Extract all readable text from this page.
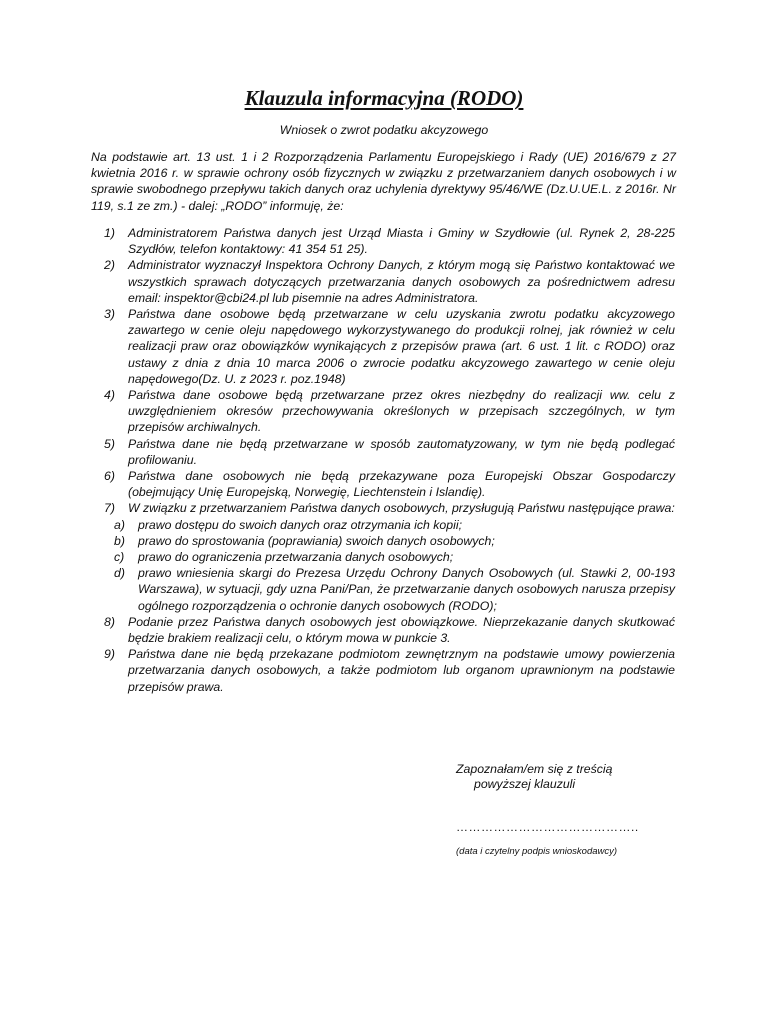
Klauzula informacyjna (RODO)
Wniosek o zwrot podatku akcyzowego

Na podstawie art. 13 ust. 1 i 2 Rozporządzenia Parlamentu Europejskiego i Rady (UE) 2016/679 z 27 kwietnia 2016 r. w sprawie ochrony osób fizycznych w związku z przetwarzaniem danych osobowych i w sprawie swobodnego przepływu takich danych oraz uchylenia dyrektywy 95/46/WE (Dz.U.UE.L. z 2016r. Nr 119, s.1 ze zm.) - dalej: „RODO” informuję, że:

1) Administratorem Państwa danych jest Urząd Miasta i Gminy w Szydłowie (ul. Rynek 2, 28-225 Szydłów, telefon kontaktowy: 41 354 51 25).
2) Administrator wyznaczył Inspektora Ochrony Danych, z którym mogą się Państwo kontaktować we wszystkich sprawach dotyczących przetwarzania danych osobowych za pośrednictwem adresu email: inspektor@cbi24.pl lub pisemnie na adres Administratora.
3) Państwa dane osobowe będą przetwarzane w celu uzyskania zwrotu podatku akcyzowego zawartego w cenie oleju napędowego wykorzystywanego do produkcji rolnej, jak również w celu realizacji praw oraz obowiązków wynikających z przepisów prawa (art. 6 ust. 1 lit. c RODO) oraz ustawy z dnia z dnia 10 marca 2006 o zwrocie podatku akcyzowego zawartego w cenie oleju napędowego(Dz. U. z 2023 r. poz.1948)
4) Państwa dane osobowe będą przetwarzane przez okres niezbędny do realizacji ww. celu z uwzględnieniem okresów przechowywania określonych w przepisach szczególnych, w tym przepisów archiwalnych.
5) Państwa dane nie będą przetwarzane w sposób zautomatyzowany, w tym nie będą podlegać profilowaniu.
6) Państwa dane osobowych nie będą przekazywane poza Europejski Obszar Gospodarczy (obejmujący Unię Europejską, Norwegię, Liechtenstein i Islandię).
7) W związku z przetwarzaniem Państwa danych osobowych, przysługują Państwu następujące prawa:
a) prawo dostępu do swoich danych oraz otrzymania ich kopii;
b) prawo do sprostowania (poprawiania) swoich danych osobowych;
c) prawo do ograniczenia przetwarzania danych osobowych;
d) prawo wniesienia skargi do Prezesa Urzędu Ochrony Danych Osobowych (ul. Stawki 2, 00-193 Warszawa), w sytuacji, gdy uzna Pani/Pan, że przetwarzanie danych osobowych narusza przepisy ogólnego rozporządzenia o ochronie danych osobowych (RODO);
8) Podanie przez Państwa danych osobowych jest obowiązkowe. Nieprzekazanie danych skutkować będzie brakiem realizacji celu, o którym mowa w punkcie 3.
9) Państwa dane nie będą przekazane podmiotom zewnętrznym na podstawie umowy powierzenia przetwarzania danych osobowych, a także podmiotom lub organom uprawnionym na podstawie przepisów prawa.
Zapoznałam/em się z treścią
powyższej klauzuli
……………………………………..
(data i czytelny podpis wnioskodawcy)
